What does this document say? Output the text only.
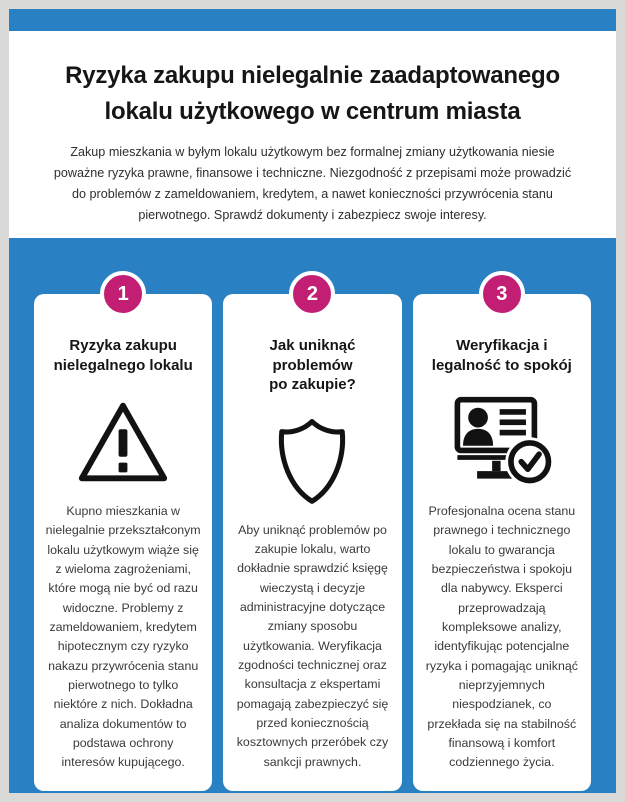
Ryzyka zakupu nielegalnie zaadaptowanego lokalu użytkowego w centrum miasta

Zakup mieszkania w byłym lokalu użytkowym bez formalnej zmiany użytkowania niesie poważne ryzyka prawne, finansowe i techniczne. Niezgodność z przepisami może prowadzić do problemów z zameldowaniem, kredytem, a nawet konieczności przywrócenia stanu pierwotnego. Sprawdź dokumenty i zabezpiecz swoje interesy.

1
Ryzyka zakupu nielegalnego lokalu
Kupno mieszkania w nielegalnie przekształconym lokalu użytkowym wiąże się z wieloma zagrożeniami, które mogą nie być od razu widoczne. Problemy z zameldowaniem, kredytem hipotecznym czy ryzyko nakazu przywrócenia stanu pierwotnego to tylko niektóre z nich. Dokładna analiza dokumentów to podstawa ochrony interesów kupującego.
2
Jak uniknąć problemów po zakupie?
Aby uniknąć problemów po zakupie lokalu, warto dokładnie sprawdzić księgę wieczystą i decyzje administracyjne dotyczące zmiany sposobu użytkowania. Weryfikacja zgodności technicznej oraz konsultacja z ekspertami pomagają zabezpieczyć się przed koniecznością kosztownych przeróbek czy sankcji prawnych.
3
Weryfikacja i legalność to spokój
Profesjonalna ocena stanu prawnego i technicznego lokalu to gwarancja bezpieczeństwa i spokoju dla nabywcy. Eksperci przeprowadzają kompleksowe analizy, identyfikując potencjalne ryzyka i pomagając uniknąć nieprzyjemnych niespodzianek, co przekłada się na stabilność finansową i komfort codziennego życia.
